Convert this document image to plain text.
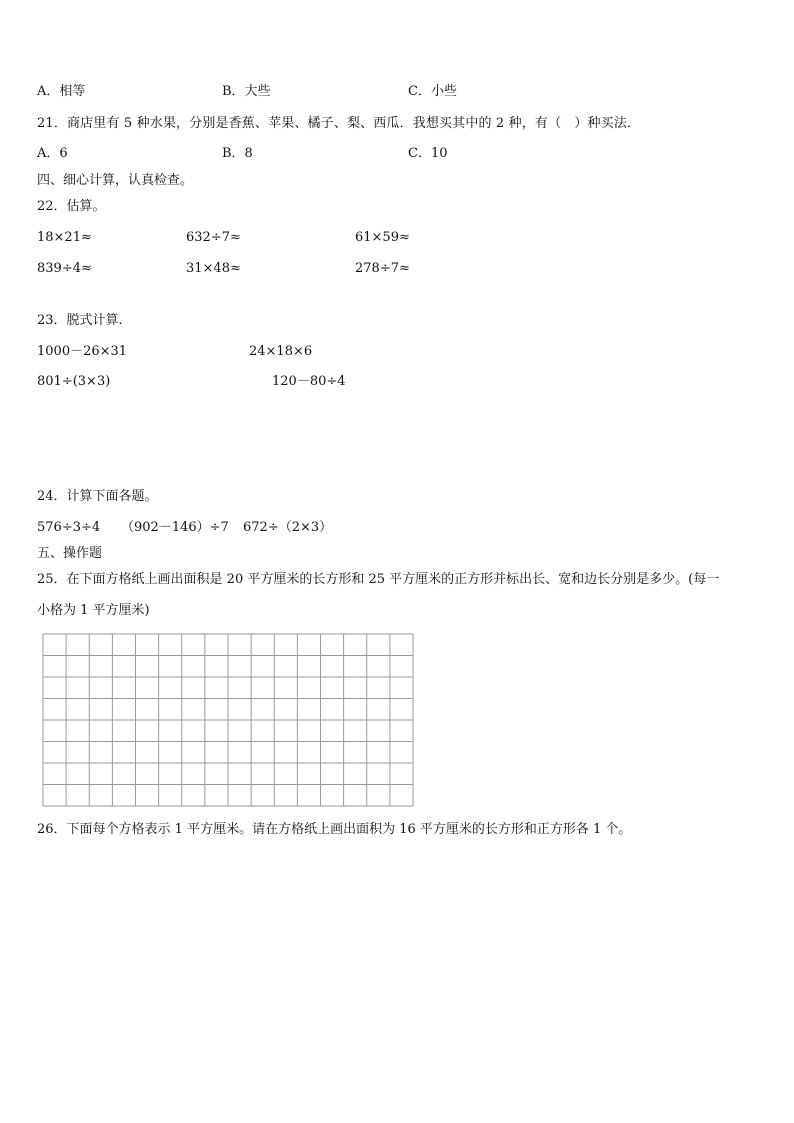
A．相等	B．大些	C．小些
21．商店里有 5 种水果，分别是香蕉、苹果、橘子、梨、西瓜．我想买其中的 2 种，有（　）种买法．
A．6	B．8	C．10
四、细心计算，认真检查。
22．估算。
18×21≈	632÷7≈	61×59≈
839÷4≈	31×48≈	278÷7≈
23．脱式计算.
1000－26×31	24×18×6
801÷(3×3)	120－80÷4
24．计算下面各题。
576÷3÷4 （902－146）÷7 672÷（2×3）
五、操作题
25．在下面方格纸上画出面积是 20 平方厘米的长方形和 25 平方厘米的正方形并标出长、宽和边长分别是多少。(每一
小格为 1 平方厘米)
26．下面每个方格表示 1 平方厘米。请在方格纸上画出面积为 16 平方厘米的长方形和正方形各 1 个。
